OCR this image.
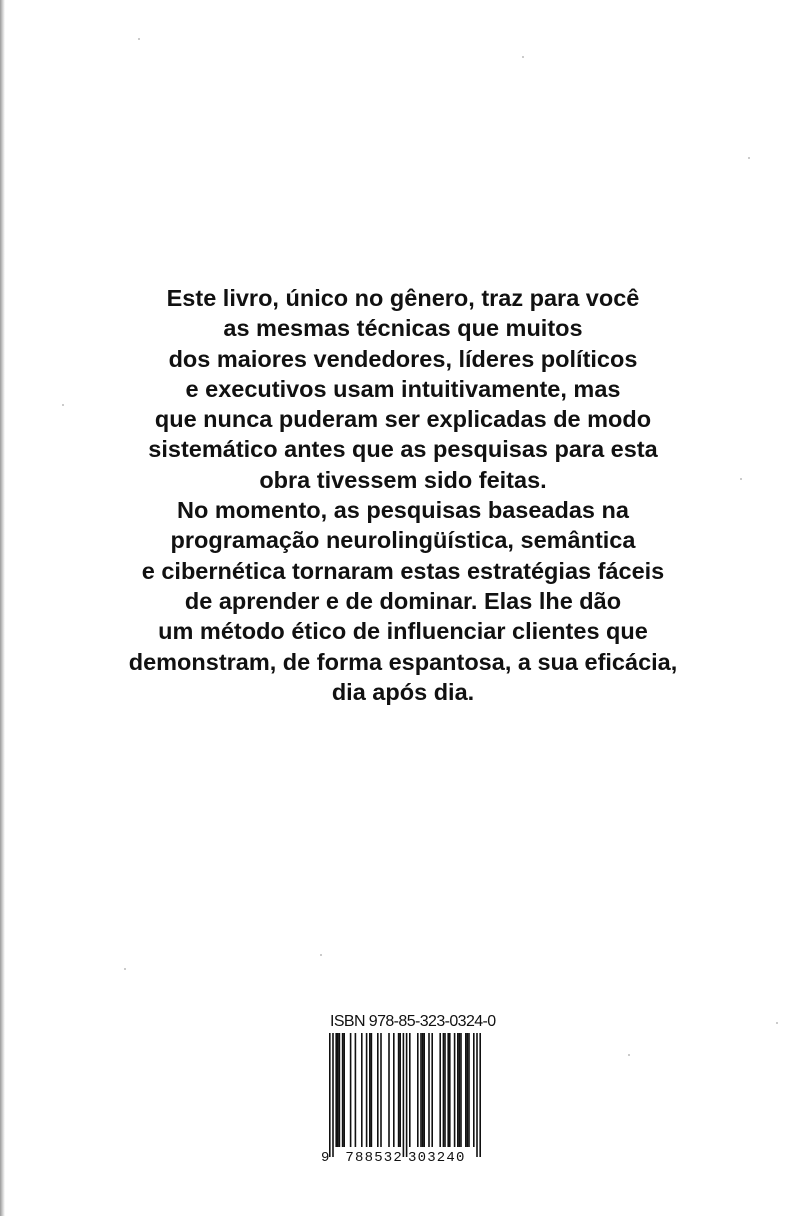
Este livro, único no gênero, traz para você
as mesmas técnicas que muitos
dos maiores vendedores, líderes políticos
e executivos usam intuitivamente, mas
que nunca puderam ser explicadas de modo
sistemático antes que as pesquisas para esta
obra tivessem sido feitas.
No momento, as pesquisas baseadas na
programação neurolingüística, semântica
e cibernética tornaram estas estratégias fáceis
de aprender e de dominar. Elas lhe dão
um método ético de influenciar clientes que
demonstram, de forma espantosa, a sua eficácia,
dia após dia.
ISBN 978-85-323-0324-0
9 788532 303240
